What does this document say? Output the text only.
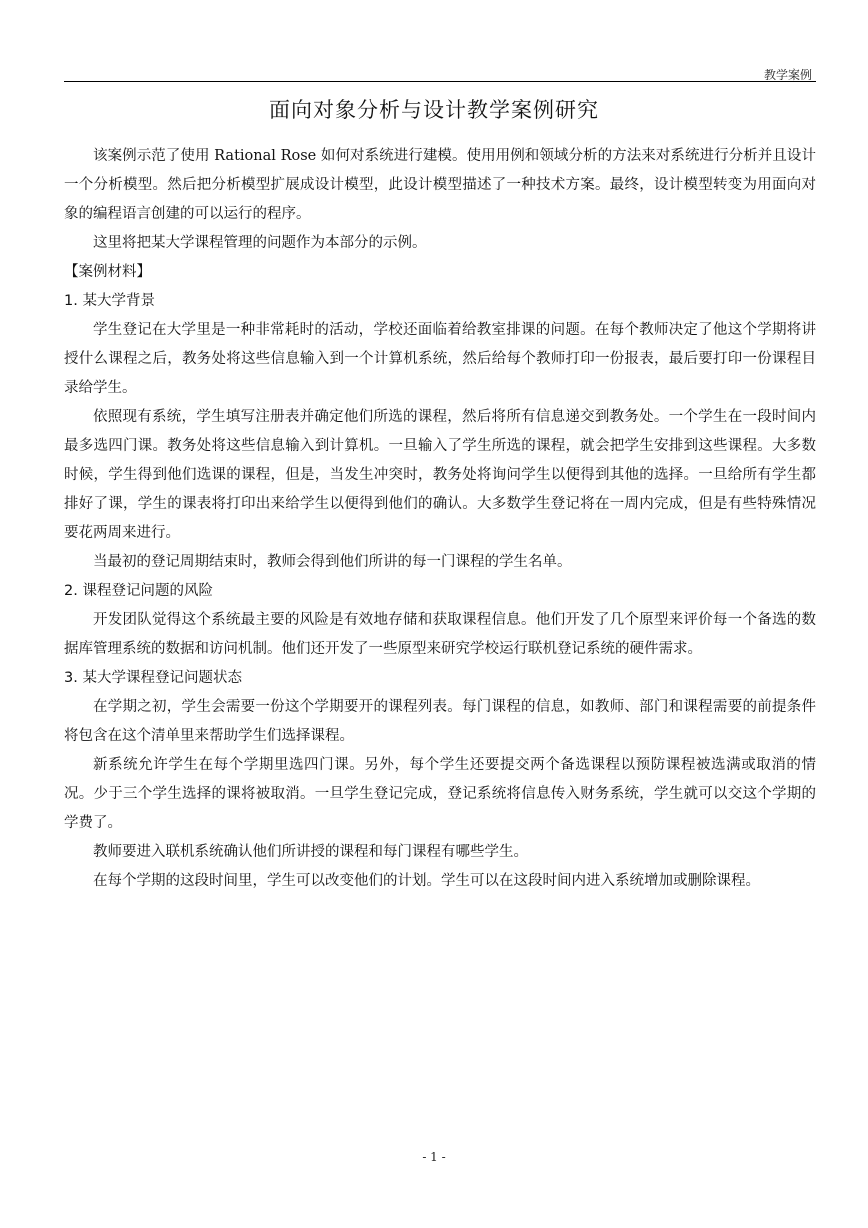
教学案例
面向对象分析与设计教学案例研究

该案例示范了使用 Rational Rose 如何对系统进行建模。使用用例和领域分析的方法来对系统进行分析并且设计一个分析模型。然后把分析模型扩展成设计模型，此设计模型描述了一种技术方案。最终，设计模型转变为用面向对象的编程语言创建的可以运行的程序。

这里将把某大学课程管理的问题作为本部分的示例。

【案例材料】

1. 某大学背景

学生登记在大学里是一种非常耗时的活动，学校还面临着给教室排课的问题。在每个教师决定了他这个学期将讲授什么课程之后，教务处将这些信息输入到一个计算机系统，然后给每个教师打印一份报表，最后要打印一份课程目录给学生。

依照现有系统，学生填写注册表并确定他们所选的课程，然后将所有信息递交到教务处。一个学生在一段时间内最多选四门课。教务处将这些信息输入到计算机。一旦输入了学生所选的课程，就会把学生安排到这些课程。大多数时候，学生得到他们选课的课程，但是，当发生冲突时，教务处将询问学生以便得到其他的选择。一旦给所有学生都排好了课，学生的课表将打印出来给学生以便得到他们的确认。大多数学生登记将在一周内完成，但是有些特殊情况要花两周来进行。

当最初的登记周期结束时，教师会得到他们所讲的每一门课程的学生名单。

2. 课程登记问题的风险

开发团队觉得这个系统最主要的风险是有效地存储和获取课程信息。他们开发了几个原型来评价每一个备选的数据库管理系统的数据和访问机制。他们还开发了一些原型来研究学校运行联机登记系统的硬件需求。

3. 某大学课程登记问题状态

在学期之初，学生会需要一份这个学期要开的课程列表。每门课程的信息，如教师、部门和课程需要的前提条件将包含在这个清单里来帮助学生们选择课程。

新系统允许学生在每个学期里选四门课。另外，每个学生还要提交两个备选课程以预防课程被选满或取消的情况。少于三个学生选择的课将被取消。一旦学生登记完成，登记系统将信息传入财务系统，学生就可以交这个学期的学费了。

教师要进入联机系统确认他们所讲授的课程和每门课程有哪些学生。

在每个学期的这段时间里，学生可以改变他们的计划。学生可以在这段时间内进入系统增加或删除课程。

- 1 -
